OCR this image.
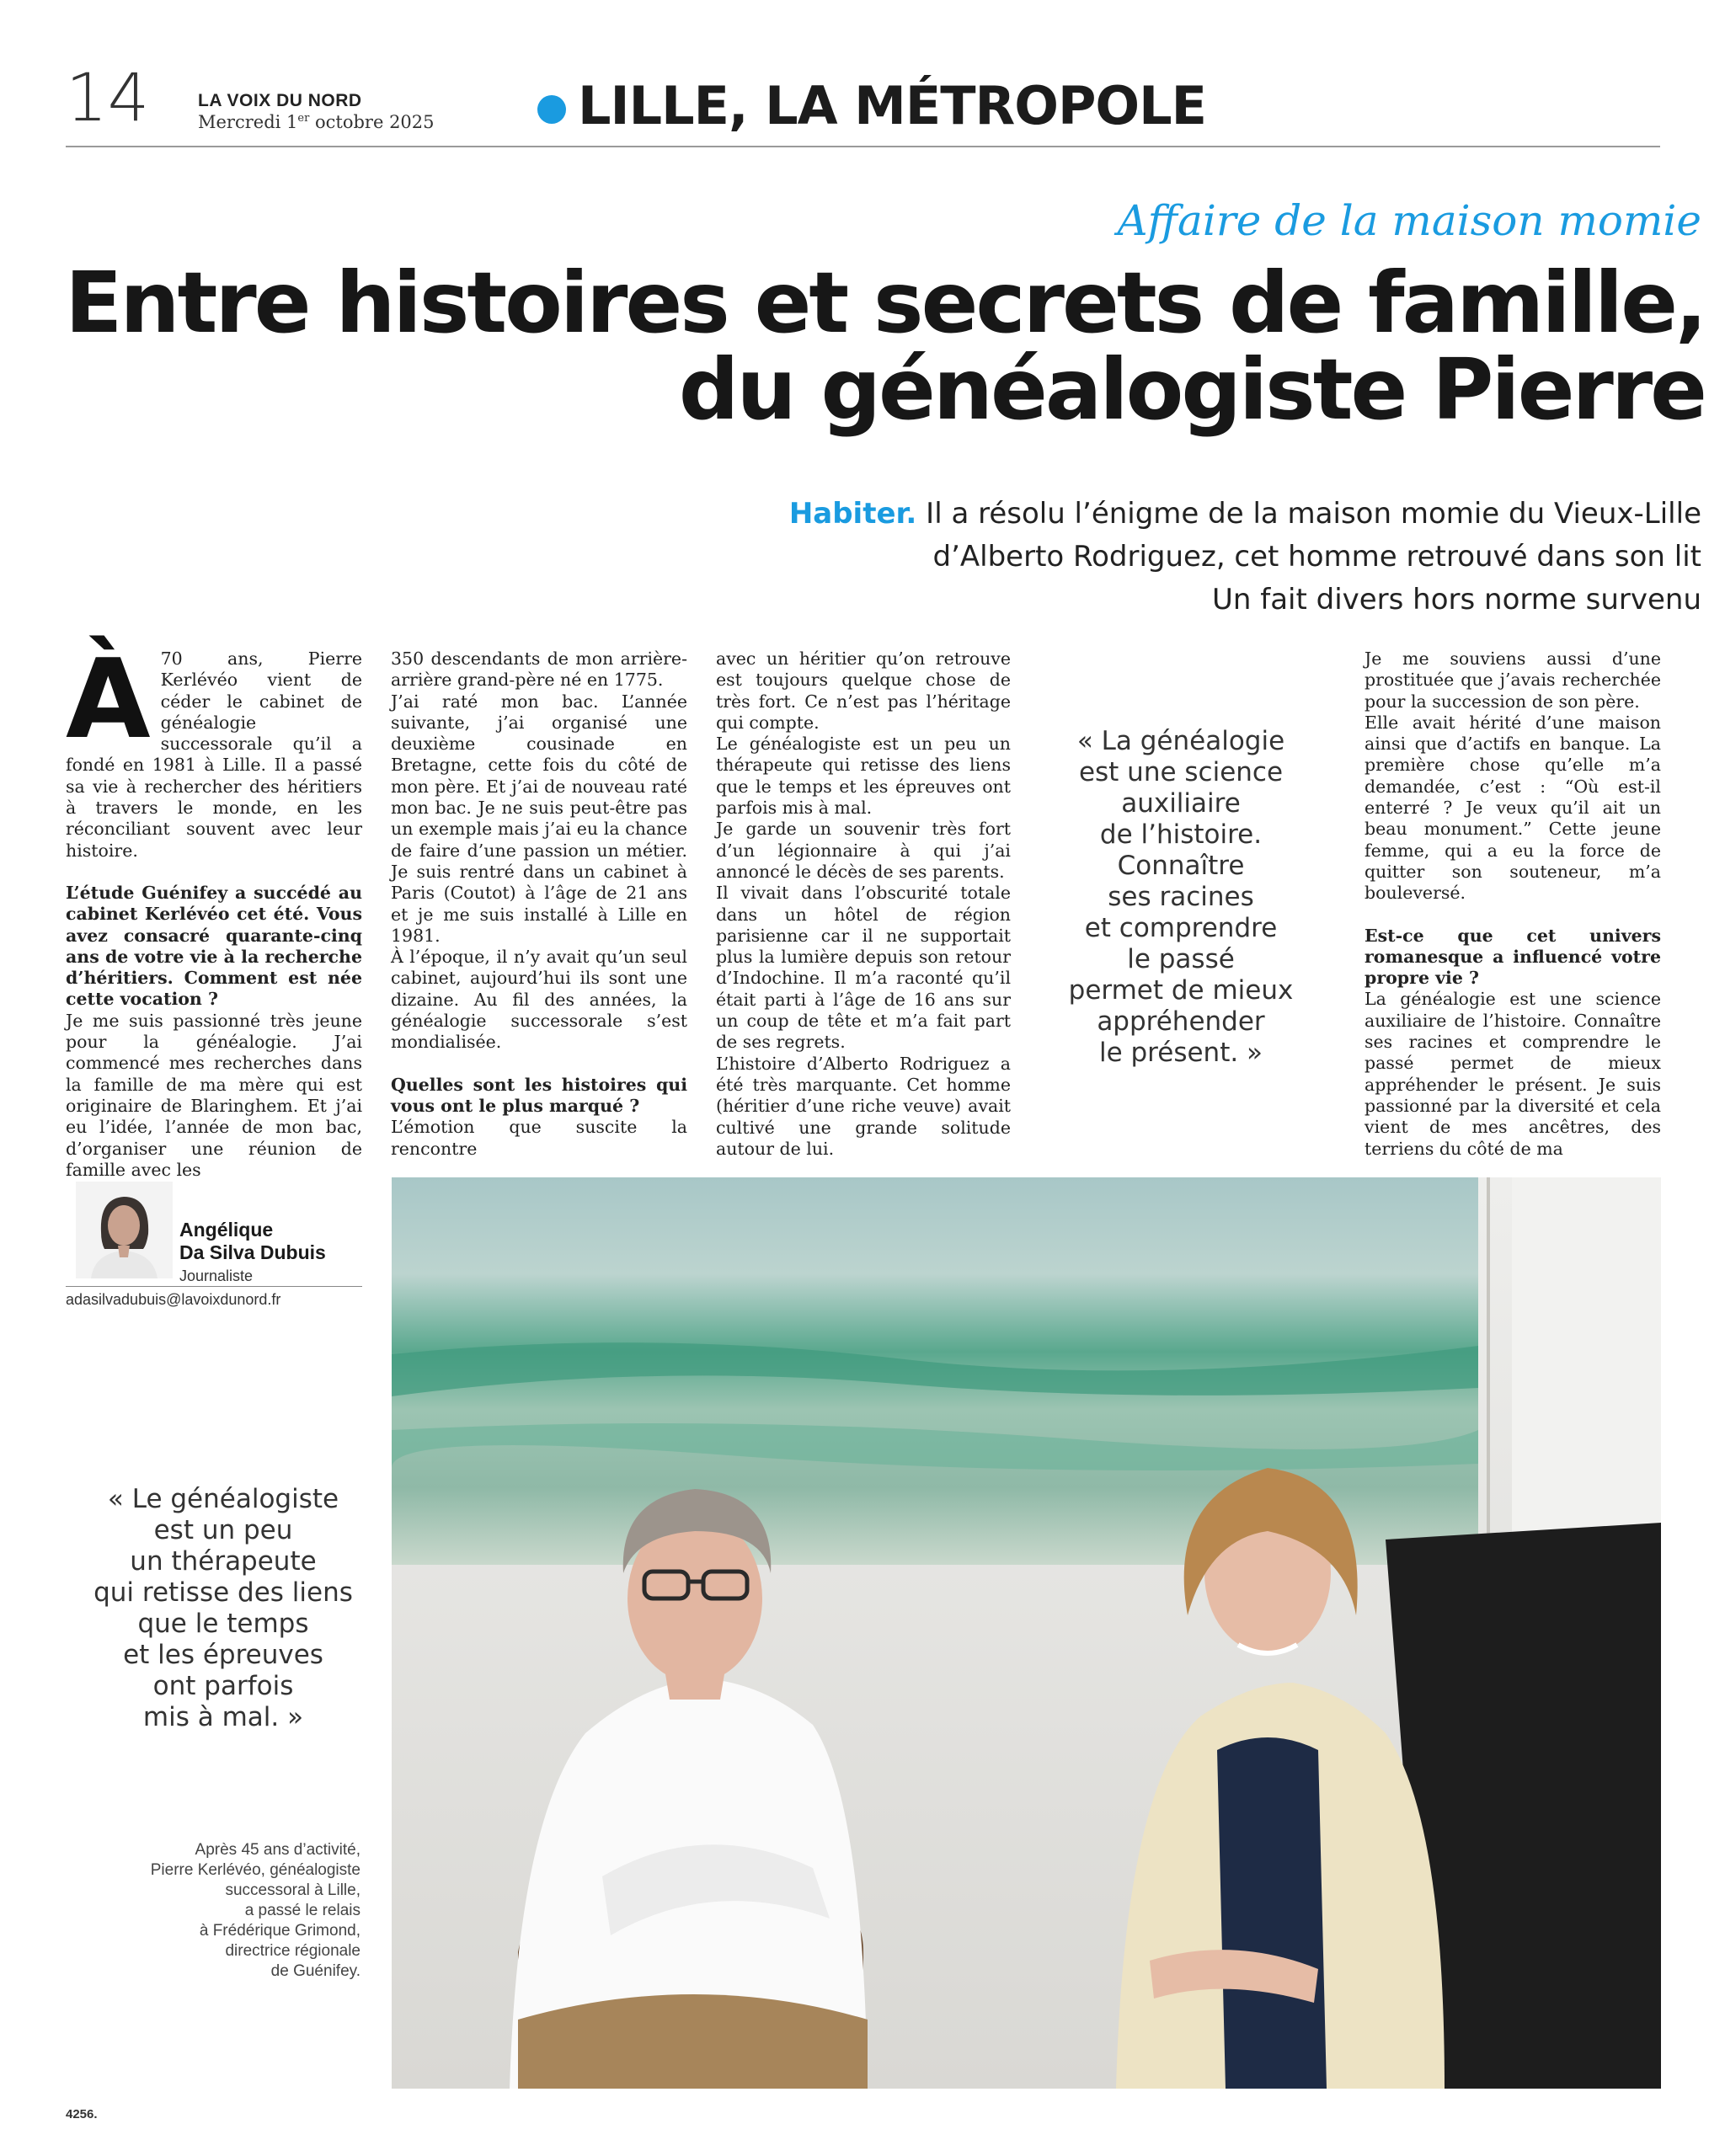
14	LA VOIX DU NORD
Mercredi 1er octobre 2025	LILLE, LA MÉTROPOLE
Affaire de la maison momie
Entre histoires et secrets de famille,
du généalogiste Pierre
Habiter. Il a résolu l’énigme de la maison momie du Vieux-Lille
d’Alberto Rodriguez, cet homme retrouvé dans son lit
Un fait divers hors norme survenu
À 70 ans, Pierre Kerlévéo vient de céder le cabinet de généalogie successorale qu’il a fondé en 1981 à Lille. Il a passé sa vie à rechercher des héritiers à travers le monde, en les réconciliant souvent avec leur histoire.

L’étude Guénifey a succédé au cabinet Kerlévéo cet été. Vous avez consacré quarante-cinq ans de votre vie à la recherche d’héritiers. Comment est née cette vocation ?

Je me suis passionné très jeune pour la généalogie. J’ai commencé mes recherches dans la famille de ma mère qui est originaire de Blaringhem. Et j’ai eu l’idée, l’année de mon bac, d’organiser une réunion de famille avec les

350 descendants de mon arrière-arrière grand-père né en 1775.

J’ai raté mon bac. L’année suivante, j’ai organisé une deuxième cousinade en Bretagne, cette fois du côté de mon père. Et j’ai de nouveau raté mon bac. Je ne suis peut-être pas un exemple mais j’ai eu la chance de faire d’une passion un métier. Je suis rentré dans un cabinet à Paris (Coutot) à l’âge de 21 ans et je me suis installé à Lille en 1981.

À l’époque, il n’y avait qu’un seul cabinet, aujourd’hui ils sont une dizaine. Au fil des années, la généalogie successorale s’est mondialisée.

Quelles sont les histoires qui vous ont le plus marqué ?

L’émotion que suscite la rencontre

avec un héritier qu’on retrouve est toujours quelque chose de très fort. Ce n’est pas l’héritage qui compte.

Le généalogiste est un peu un thérapeute qui retisse des liens que le temps et les épreuves ont parfois mis à mal.

Je garde un souvenir très fort d’un légionnaire à qui j’ai annoncé le décès de ses parents.

Il vivait dans l’obscurité totale dans un hôtel de région parisienne car il ne supportait plus la lumière depuis son retour d’Indochine. Il m’a raconté qu’il était parti à l’âge de 16 ans sur un coup de tête et m’a fait part de ses regrets.

L’histoire d’Alberto Rodriguez a été très marquante. Cet homme (héritier d’une riche veuve) avait cultivé une grande solitude autour de lui.

« La généalogie
est une science
auxiliaire
de l’histoire.
Connaître
ses racines
et comprendre
le passé
permet de mieux
appréhender
le présent. »

Je me souviens aussi d’une prostituée que j’avais recherchée pour la succession de son père.

Elle avait hérité d’une maison ainsi que d’actifs en banque. La première chose qu’elle m’a demandée, c’est : “Où est-il enterré ? Je veux qu’il ait un beau monument.” Cette jeune femme, qui a eu la force de quitter son souteneur, m’a bouleversé.

Est-ce que cet univers romanesque a influencé votre propre vie ?

La généalogie est une science auxiliaire de l’histoire. Connaître ses racines et comprendre le passé permet de mieux appréhender le présent. Je suis passionné par la diversité et cela vient de mes ancêtres, des terriens du côté de ma

Angélique
Da Silva Dubuis
Journaliste
adasilvadubuis@lavoixdunord.fr
« Le généalogiste
est un peu
un thérapeute
qui retisse des liens
que le temps
et les épreuves
ont parfois
mis à mal. »
Après 45 ans d’activité,
Pierre Kerlévéo, généalogiste
successoral à Lille,
a passé le relais
à Frédérique Grimond,
directrice régionale
de Guénifey.
4256.
